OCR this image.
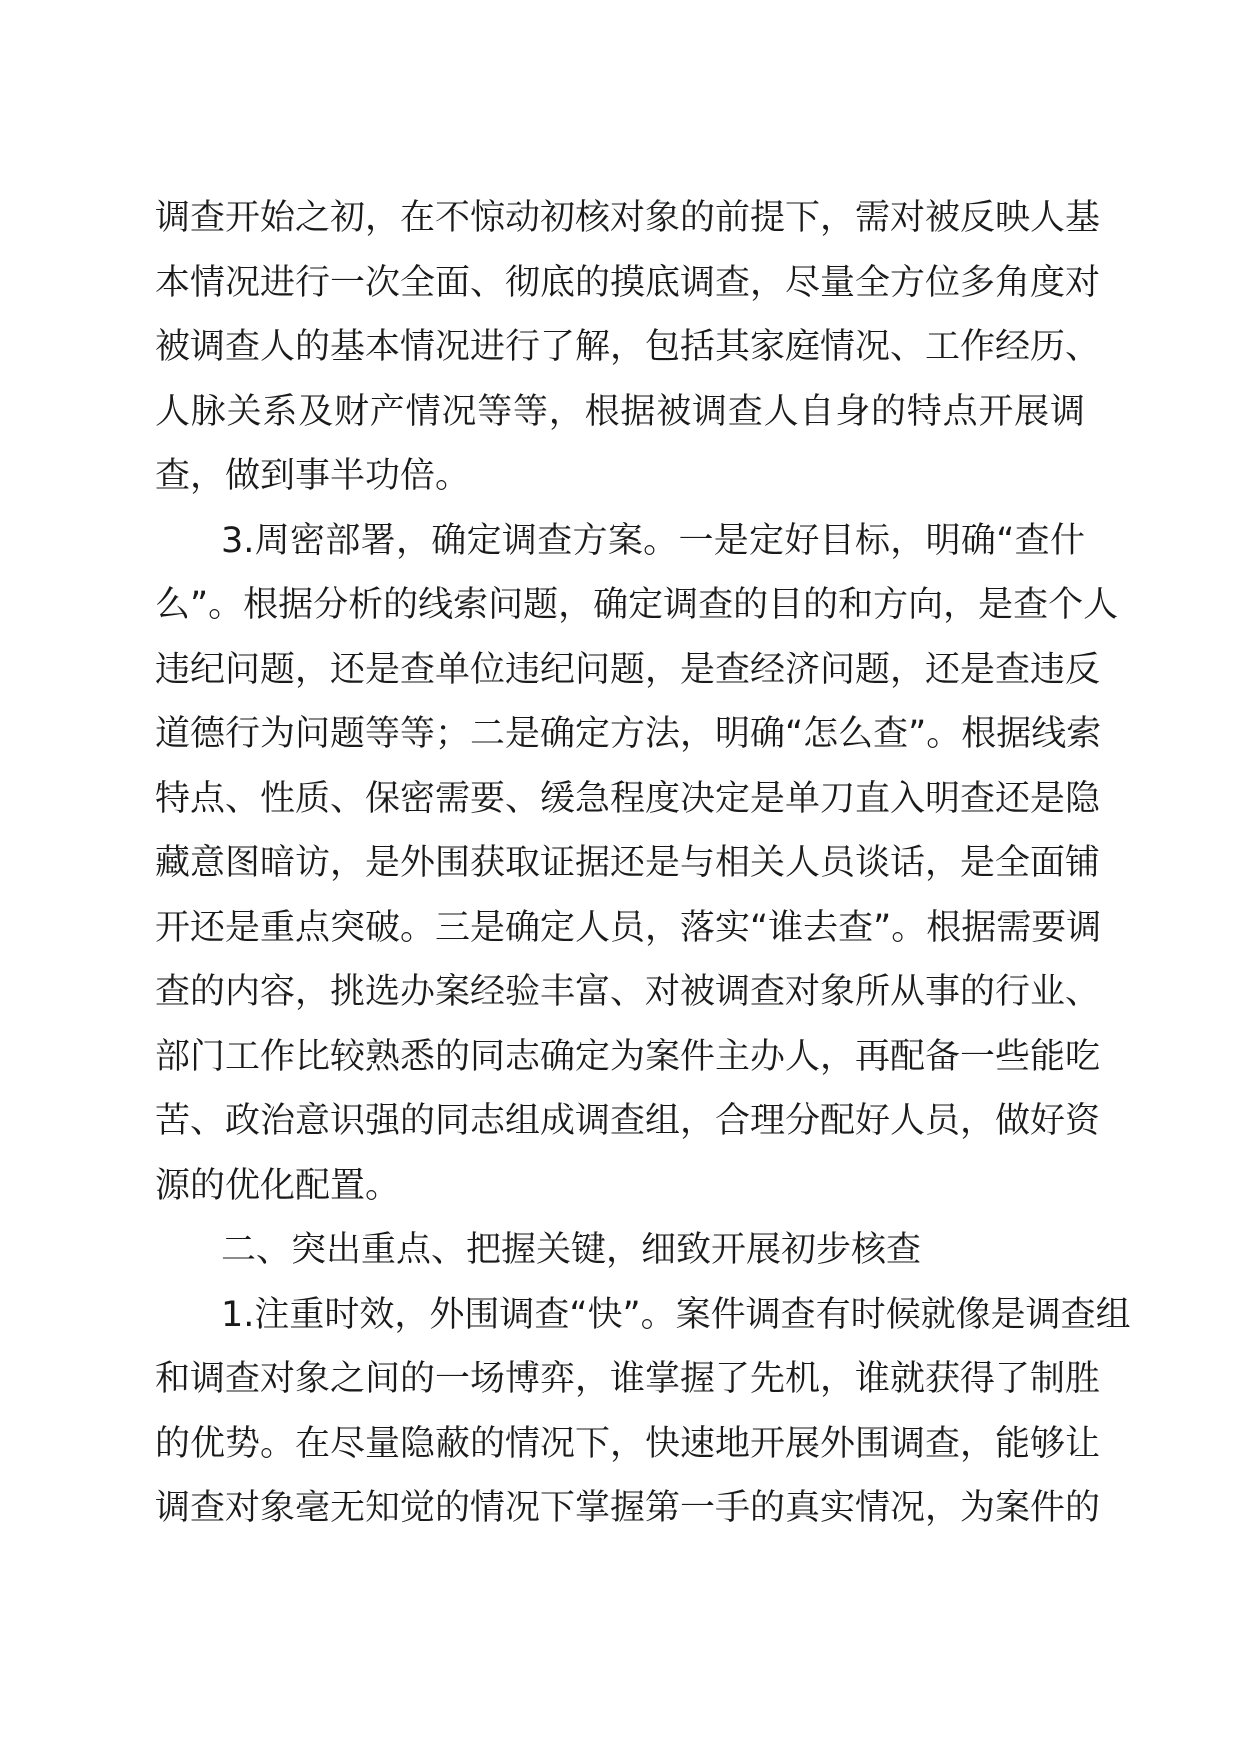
调查开始之初，在不惊动初核对象的前提下，需对被反映人基
本情况进行一次全面、彻底的摸底调查，尽量全方位多角度对
被调查人的基本情况进行了解，包括其家庭情况、工作经历、
人脉关系及财产情况等等，根据被调查人自身的特点开展调
查，做到事半功倍。
3.周密部署，确定调查方案。一是定好目标，明确“查什
么”。根据分析的线索问题，确定调查的目的和方向，是查个人
违纪问题，还是查单位违纪问题，是查经济问题，还是查违反
道德行为问题等等；二是确定方法，明确“怎么查”。根据线索
特点、性质、保密需要、缓急程度决定是单刀直入明查还是隐
藏意图暗访，是外围获取证据还是与相关人员谈话，是全面铺
开还是重点突破。三是确定人员，落实“谁去查”。根据需要调
查的内容，挑选办案经验丰富、对被调查对象所从事的行业、
部门工作比较熟悉的同志确定为案件主办人，再配备一些能吃
苦、政治意识强的同志组成调查组，合理分配好人员，做好资
源的优化配置。
二、突出重点、把握关键，细致开展初步核查
1.注重时效，外围调查“快”。案件调查有时候就像是调查组
和调查对象之间的一场博弈，谁掌握了先机，谁就获得了制胜
的优势。在尽量隐蔽的情况下，快速地开展外围调查，能够让
调查对象毫无知觉的情况下掌握第一手的真实情况，为案件的
